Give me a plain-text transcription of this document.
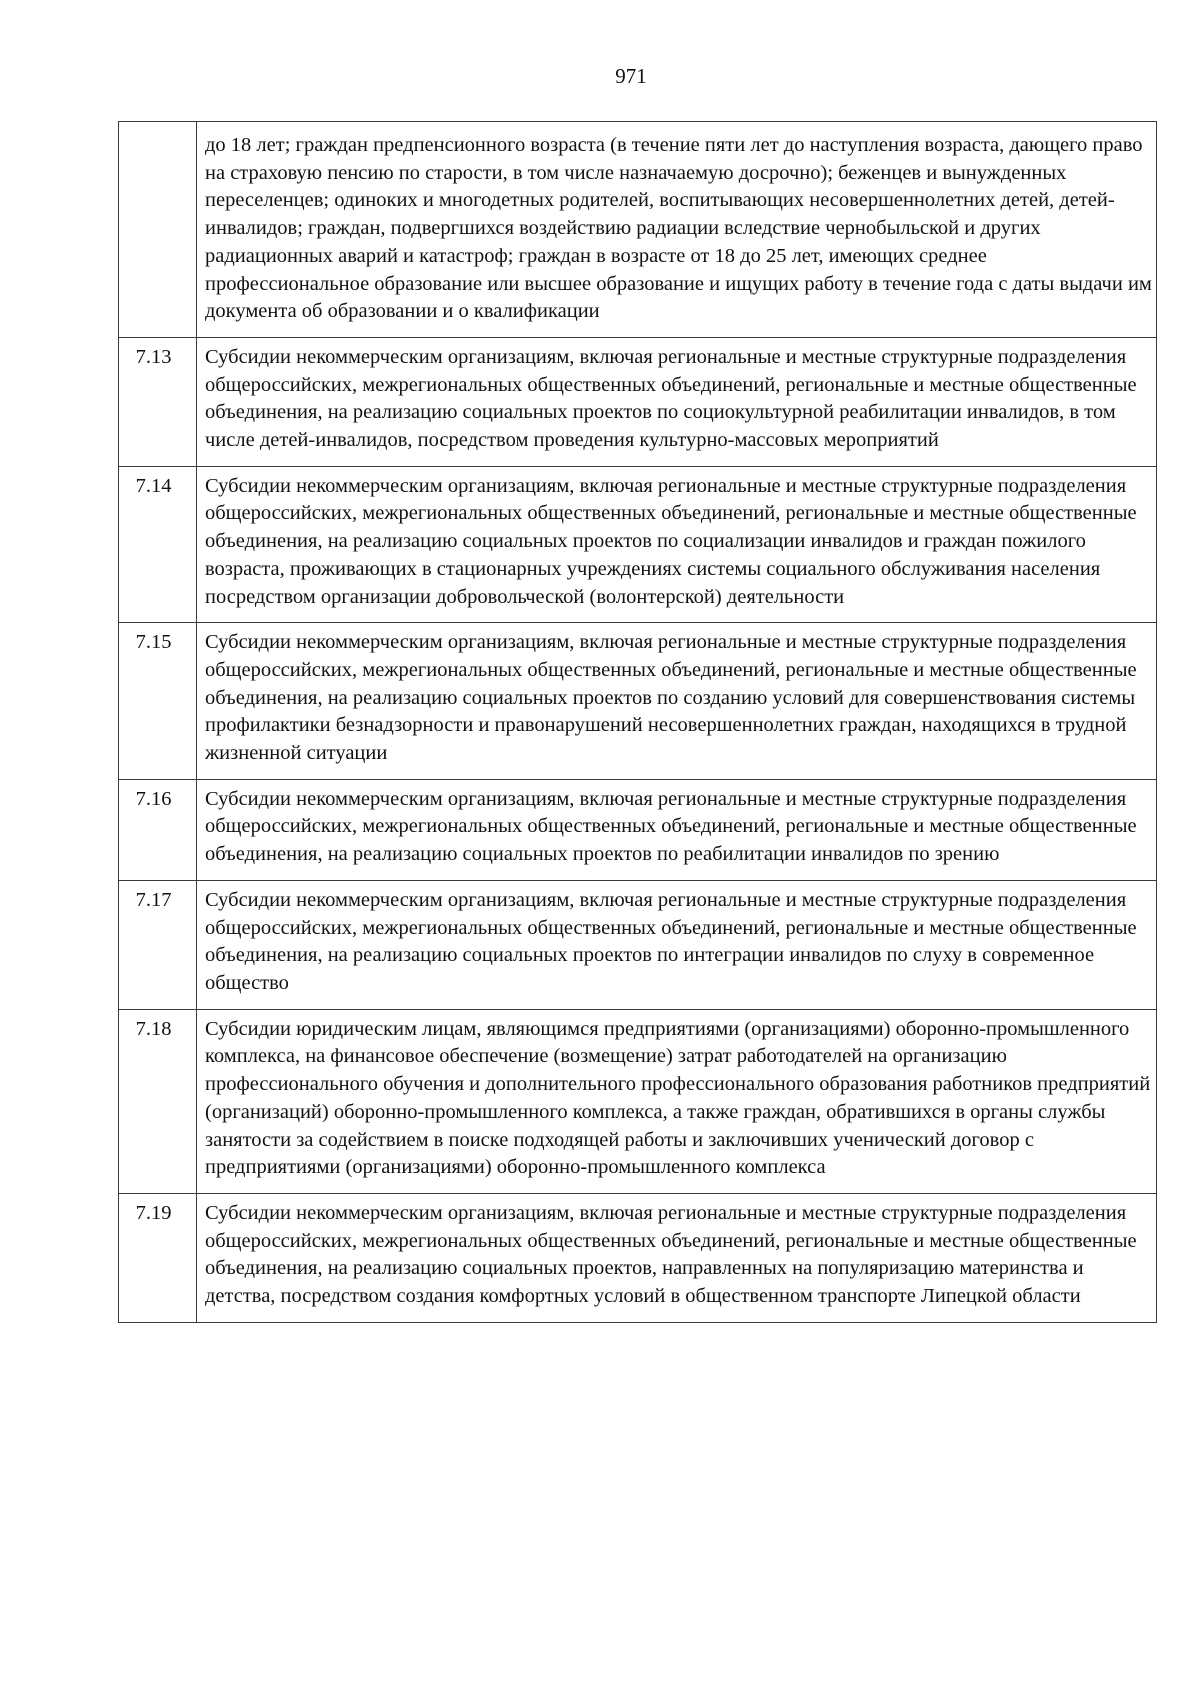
971
	до 18 лет; граждан предпенсионного возраста (в течение пяти лет до наступления возраста, дающего право на страховую пенсию по старости, в том числе назначаемую досрочно); беженцев и вынужденных переселенцев; одиноких и многодетных родителей, воспитывающих несовершеннолетних детей, детей-инвалидов; граждан, подвергшихся воздействию радиации вследствие чернобыльской и других радиационных аварий и катастроф; граждан в возрасте от 18 до 25 лет, имеющих среднее профессиональное образование или высшее образование и ищущих работу в течение года с даты выдачи им документа об образовании и о квалификации
7.13	Субсидии некоммерческим организациям, включая региональные и местные структурные подразделения общероссийских, межрегиональных общественных объединений, региональные и местные общественные объединения, на реализацию социальных проектов по социокультурной реабилитации инвалидов, в том числе детей-инвалидов, посредством проведения культурно-массовых мероприятий
7.14	Субсидии некоммерческим организациям, включая региональные и местные структурные подразделения общероссийских, межрегиональных общественных объединений, региональные и местные общественные объединения, на реализацию социальных проектов по социализации инвалидов и граждан пожилого возраста, проживающих в стационарных учреждениях системы социального обслуживания населения посредством организации добровольческой (волонтерской) деятельности
7.15	Субсидии некоммерческим организациям, включая региональные и местные структурные подразделения общероссийских, межрегиональных общественных объединений, региональные и местные общественные объединения, на реализацию социальных проектов по созданию условий для совершенствования системы профилактики безнадзорности и правонарушений несовершеннолетних граждан, находящихся в трудной жизненной ситуации
7.16	Субсидии некоммерческим организациям, включая региональные и местные структурные подразделения общероссийских, межрегиональных общественных объединений, региональные и местные общественные объединения, на реализацию социальных проектов по реабилитации инвалидов по зрению
7.17	Субсидии некоммерческим организациям, включая региональные и местные структурные подразделения общероссийских, межрегиональных общественных объединений, региональные и местные общественные объединения, на реализацию социальных проектов по интеграции инвалидов по слуху в современное общество
7.18	Субсидии юридическим лицам, являющимся предприятиями (организациями) оборонно-промышленного комплекса, на финансовое обеспечение (возмещение) затрат работодателей на организацию профессионального обучения и дополнительного профессионального образования работников предприятий (организаций) оборонно-промышленного комплекса, а также граждан, обратившихся в органы службы занятости за содействием в поиске подходящей работы и заключивших ученический договор с предприятиями (организациями) оборонно-промышленного комплекса
7.19	Субсидии некоммерческим организациям, включая региональные и местные структурные подразделения общероссийских, межрегиональных общественных объединений, региональные и местные общественные объединения, на реализацию социальных проектов, направленных на популяризацию материнства и детства, посредством создания комфортных условий в общественном транспорте Липецкой области
